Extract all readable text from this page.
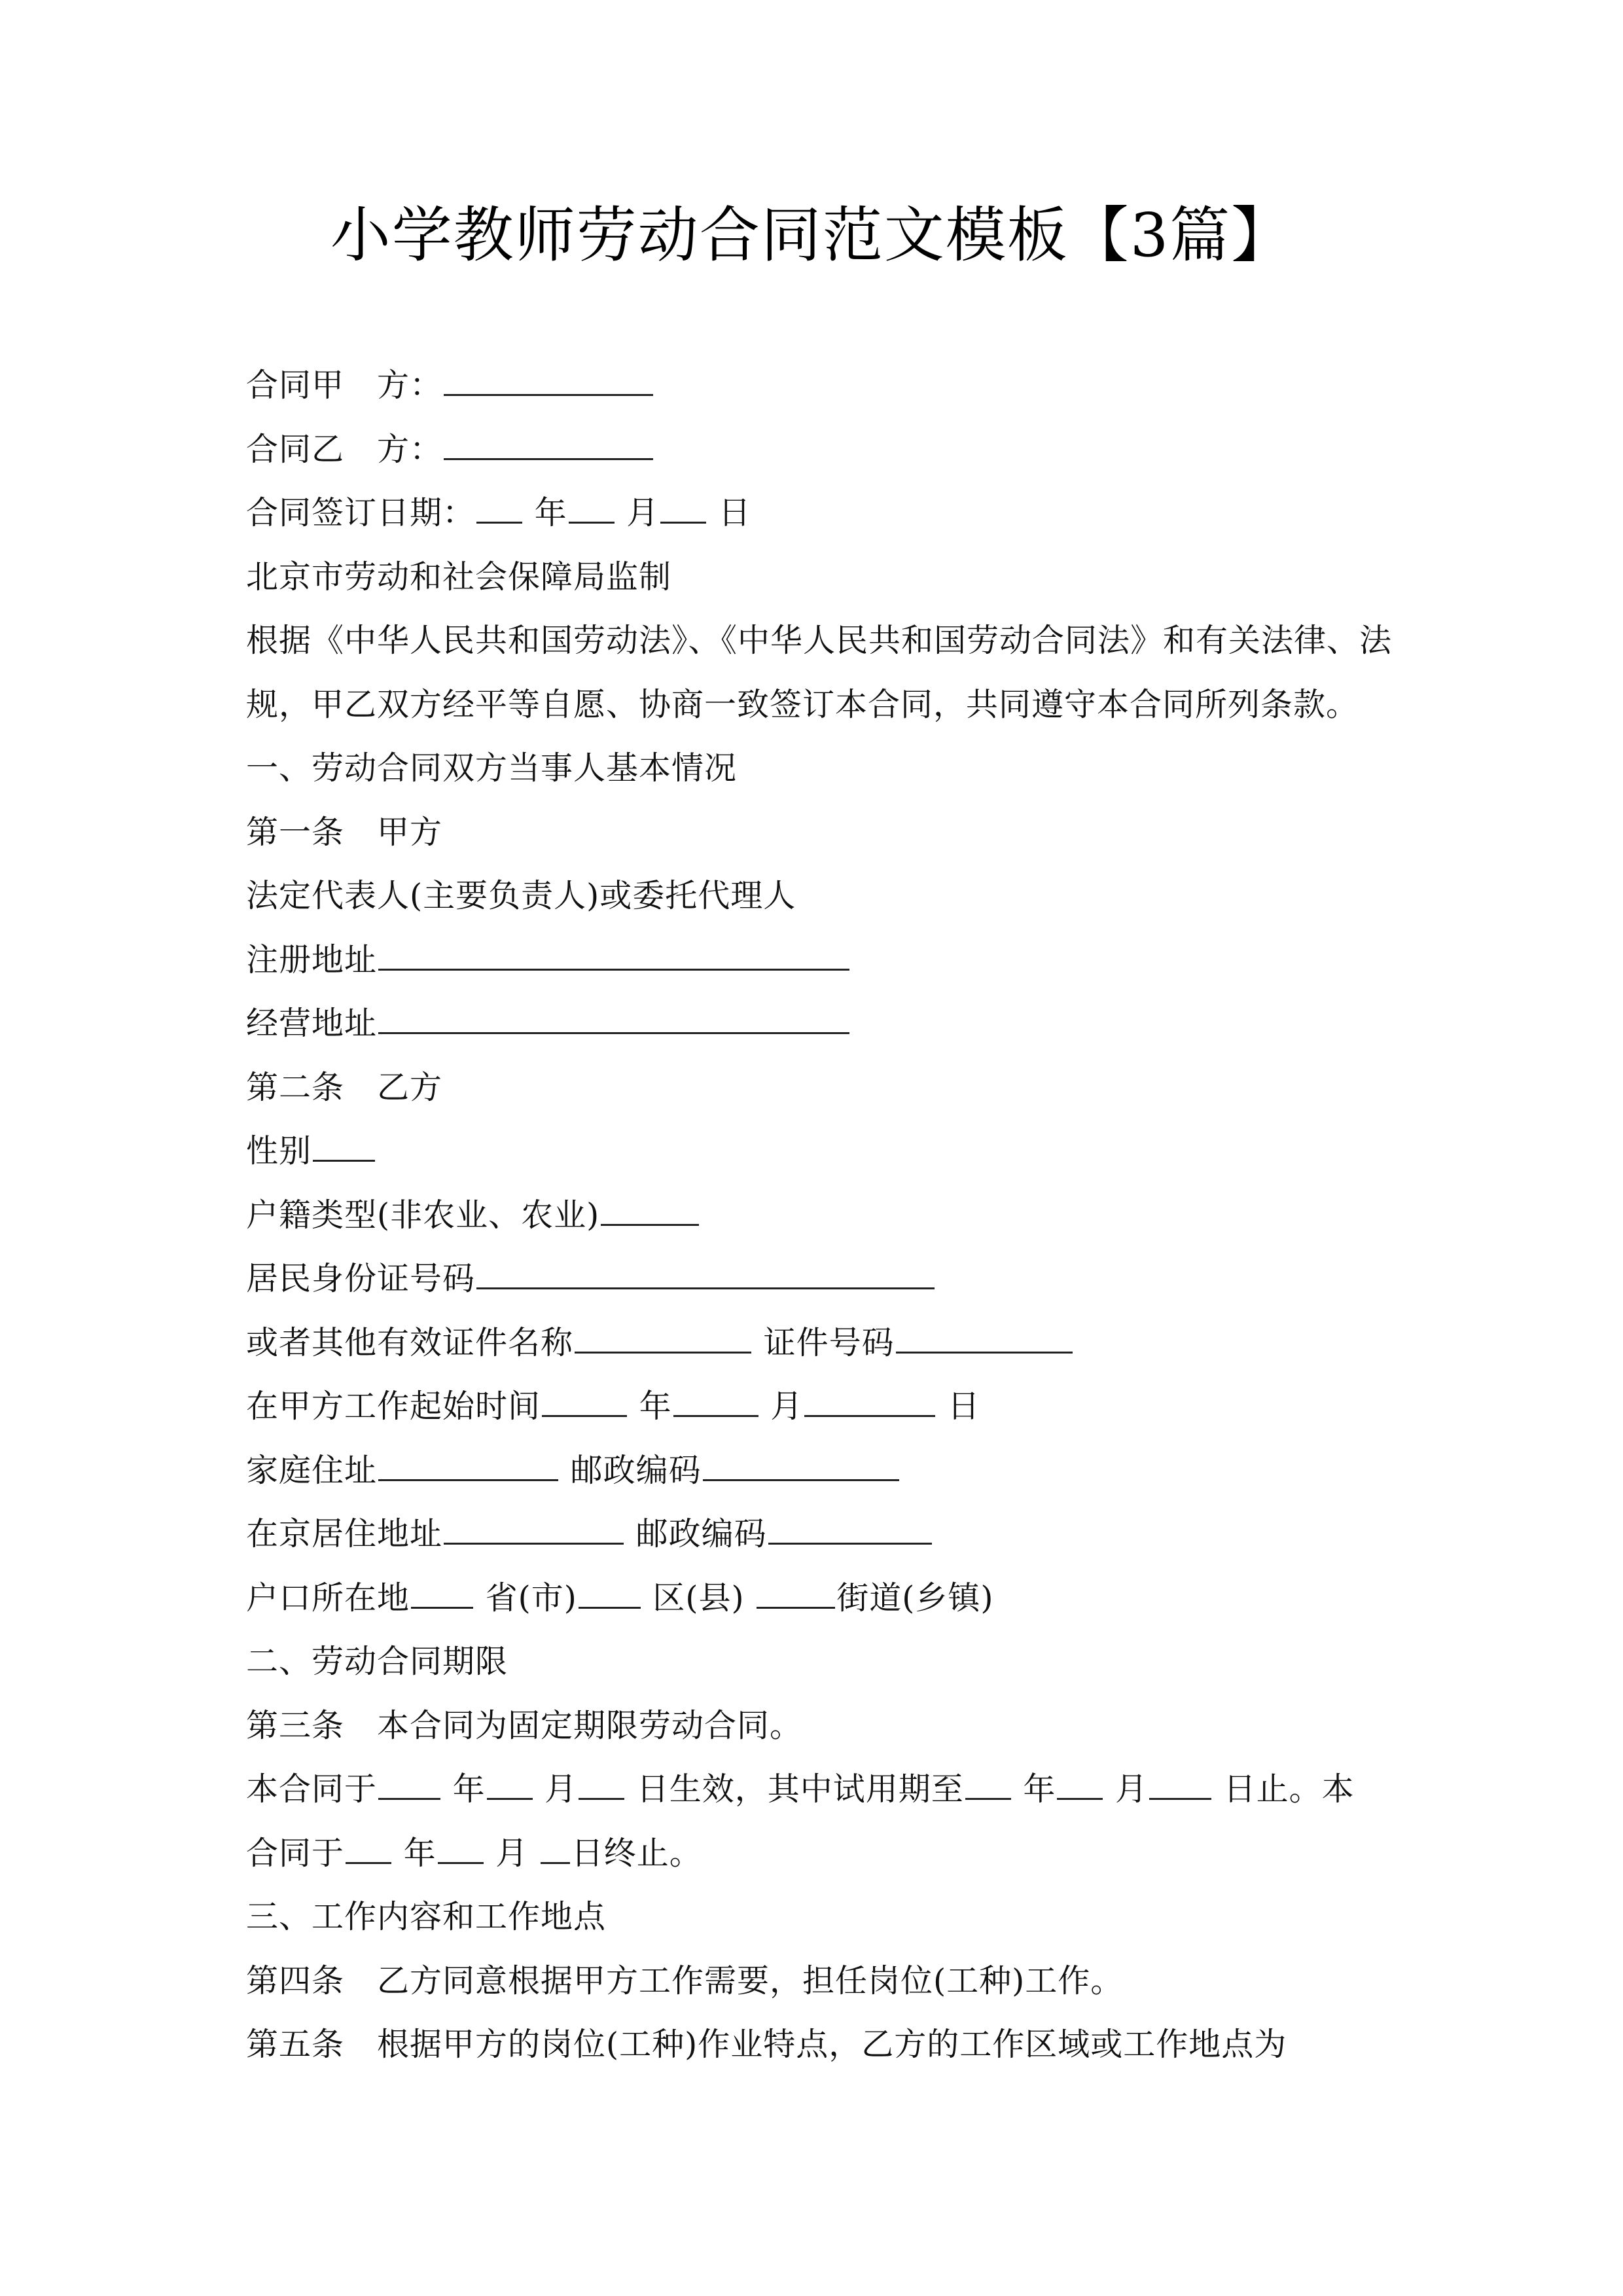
小学教师劳动合同范文模板【3篇】
合同甲　方：
合同乙　方：
合同签订日期： 年 月 日
北京市劳动和社会保障局监制
根据《中华人民共和国劳动法》、《中华人民共和国劳动合同法》和有关法律、法
规，甲乙双方经平等自愿、协商一致签订本合同，共同遵守本合同所列条款。
一、劳动合同双方当事人基本情况
第一条　甲方
法定代表人(主要负责人)或委托代理人
注册地址
经营地址
第二条　乙方
性别
户籍类型(非农业、农业)
居民身份证号码
或者其他有效证件名称	证件号码
在甲方工作起始时间	年	月	日
家庭住址	邮政编码
在京居住地址	邮政编码
户口所在地 省(市) 区(县)	街道(乡镇)
二、劳动合同期限
第三条　本合同为固定期限劳动合同。
本合同于 年 月 日生效，其中试用期至 年 月 日止。本
合同于 年 月 日终止。
三、工作内容和工作地点
第四条　乙方同意根据甲方工作需要，担任岗位(工种)工作。
第五条　根据甲方的岗位(工种)作业特点，乙方的工作区域或工作地点为
